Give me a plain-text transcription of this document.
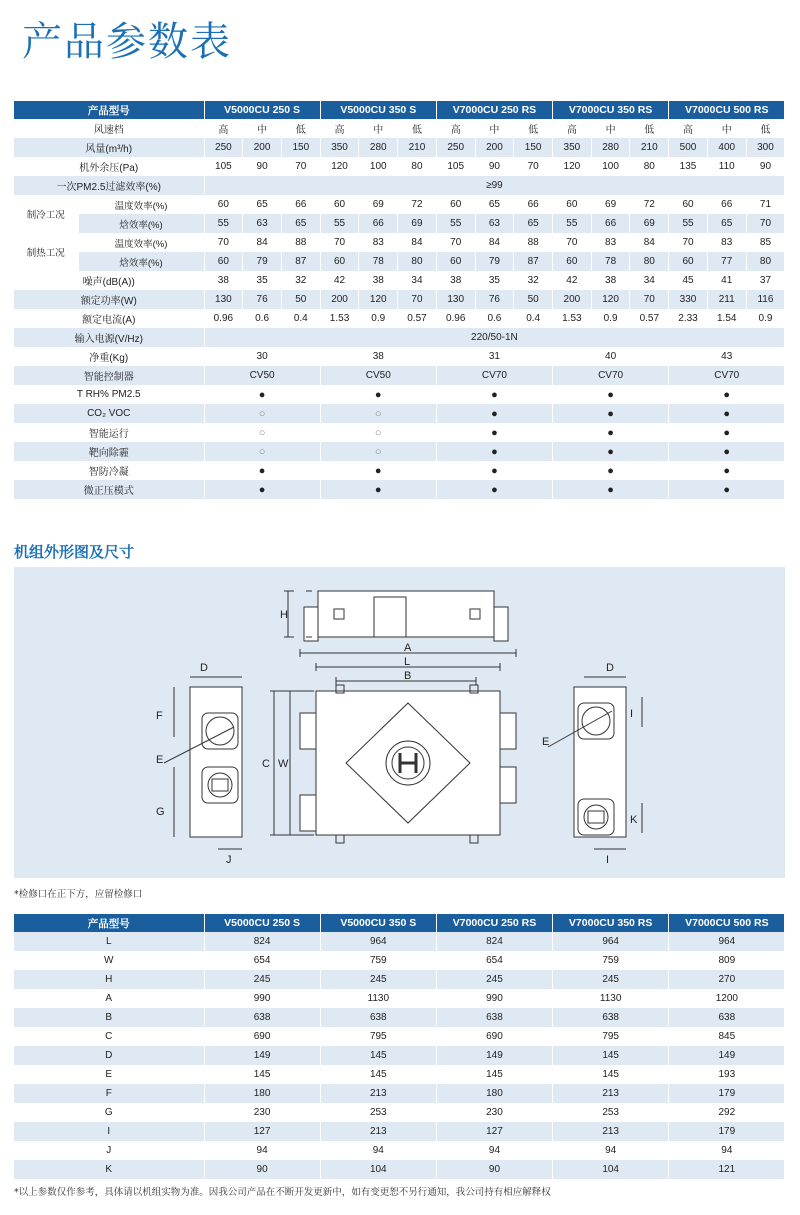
产品参数表
产品型号		V5000CU 250 S			V5000CU 350 S			V7000CU 250 RS			V7000CU 350 RS			V7000CU 500 RS		
风速档		高	中	低	高	中	低	高	中	低	高	中	低	高	中	低
风量(m³/h)		250	200	150	350	280	210	250	200	150	350	280	210	500	400	300
机外余压(Pa)		105	90	70	120	100	80	105	90	70	120	100	80	135	110	90
一次PM2.5过滤效率(%)		≥99														
制冷工况	温度效率(%)	60	65	66	60	69	72	60	65	66	60	69	72	60	66	71
	焓效率(%)	55	63	65	55	66	69	55	63	65	55	66	69	55	65	70
制热工况	温度效率(%)	70	84	88	70	83	84	70	84	88	70	83	84	70	83	85
	焓效率(%)	60	79	87	60	78	80	60	79	87	60	78	80	60	77	80
噪声(dB(A))		38	35	32	42	38	34	38	35	32	42	38	34	45	41	37
额定功率(W)		130	76	50	200	120	70	130	76	50	200	120	70	330	211	116
额定电流(A)		0.96	0.6	0.4	1.53	0.9	0.57	0.96	0.6	0.4	1.53	0.9	0.57	2.33	1.54	0.9
输入电源(V/Hz)		220/50-1N														
净重(Kg)		30			38			31			40			43		
智能控制器		CV50			CV50			CV70			CV70			CV70		
T RH% PM2.5		●			●			●			●			●		
CO₂ VOC		○			○			●			●			●		
智能运行		○			○			●			●			●		
靶向除霾		○			○			●			●			●		
智防冷凝		●			●			●			●			●		
微正压模式		●			●			●			●			●		
机组外形图及尺寸
H
A
L
B
C W
D
F
G
E
J
D
I
K
E
I
*检修口在正下方，应留检修口
产品型号	V5000CU 250 S	V5000CU 350 S	V7000CU 250 RS	V7000CU 350 RS	V7000CU 500 RS
L	824	964	824	964	964
W	654	759	654	759	809
H	245	245	245	245	270
A	990	1130	990	1130	1200
B	638	638	638	638	638
C	690	795	690	795	845
D	149	145	149	145	149
E	145	145	145	145	193
F	180	213	180	213	179
G	230	253	230	253	292
I	127	213	127	213	179
J	94	94	94	94	94
K	90	104	90	104	121
*以上参数仅作参考，具体请以机组实物为准。因我公司产品在不断开发更新中，如有变更恕不另行通知，我公司持有相应解释权
